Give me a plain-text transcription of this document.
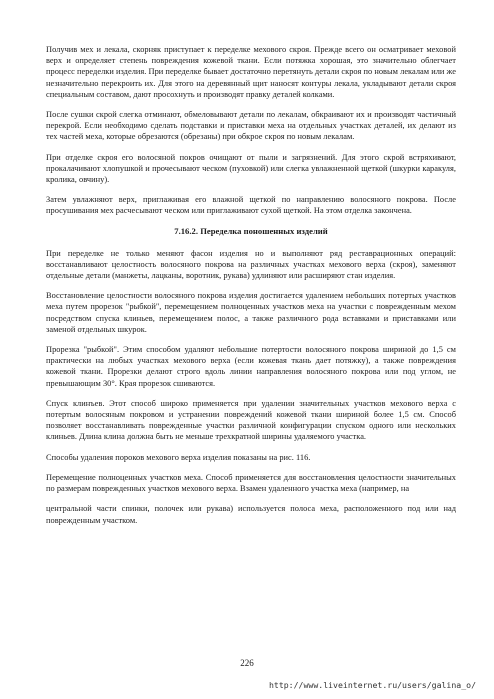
Получив мех и лекала, скорняк приступает к переделке мехового скроя. Прежде всего он осматривает меховой верх и определяет степень повреждения кожевой ткани. Если потяжка хорошая, это значительно облегчает процесс переделки изделия. При переделке бывает достаточно перетянуть детали скроя по новым лекалам или же незначительно перекроить их. Для этого на деревянный щит наносят контуры лекала, укладывают детали скроя специальным составом, дают просохнуть и производят правку деталей колками.

После сушки скрой слегка отминают, обмеловывают детали по лекалам, обкраивают их и производят частичный перекрой. Если необходимо сделать подставки и приставки меха на отдельных участках деталей, их делают из тех частей меха, которые обрезаются (обрезаны) при обкрое скроя по новым лекалам.

При отделке скроя его волосяной покров очищают от пыли и загрязнений. Для этого скрой встряхивают, прокалачивают хлопушкой и прочесывают ческом (пуховкой) или слегка увлажненной щеткой (шкурки каракуля, кролика, овчину).

Затем увлажняют верх, приглаживая его влажной щеткой по направлению волосяного покрова. После просушивания мех расчесывают ческом или приглаживают сухой щеткой. На этом отделка закончена.

7.16.2. Переделка поношенных изделий

При переделке не только меняют фасон изделия но и выполняют ряд реставрационных операций: восстанавливают целостность волосяного покрова на различных участках мехового верха (скроя), заменяют отдельные детали (манжеты, лацканы, воротник, рукава) удлиняют или расширяют стан изделия.

Восстановление целостности волосяного покрова изделия достигается удалением небольших потертых участков меха путем прорезок "рыбкой", перемещением полноценных участков меха на участки с поврежденным мехом посредством спуска клиньев, перемещением полос, а также различного рода вставками и приставками или заменой отдельных шкурок.

Прорезка "рыбкой". Этим способом удаляют небольшие потертости волосяного покрова шириной до 1,5 см практически на любых участках мехового верха (если кожевая ткань дает потяжку), а также повреждения кожевой ткани. Прорезки делают строго вдоль линии направления волосяного покрова или под углом, не превышающим 30°. Края прорезок сшиваются.

Спуск клинъев. Этот способ широко применяется при удалении значительных участков мехового верха с потертым волосяным покровом и устранении повреждений кожевой ткани шириной более 1,5 см. Способ позволяет восстанавливать поврежденные участки различной конфигурации спуском одного или нескольких клиньев. Длина клина должна быть не меньше трехкратной ширины удаляемого участка.

Способы удаления пороков мехового верха изделия показаны на рис. 116.

Перемещение полноценных участков меха. Способ применяется для восстановления целостности значительных по размерам поврежденных участков мехового верха. Взамен удаленного участка меха (например, на

центральной части спинки, полочек или рукава) используется полоса меха, расположенного под или над поврежденным участком.

226
http://www.liveinternet.ru/users/galina_o/
